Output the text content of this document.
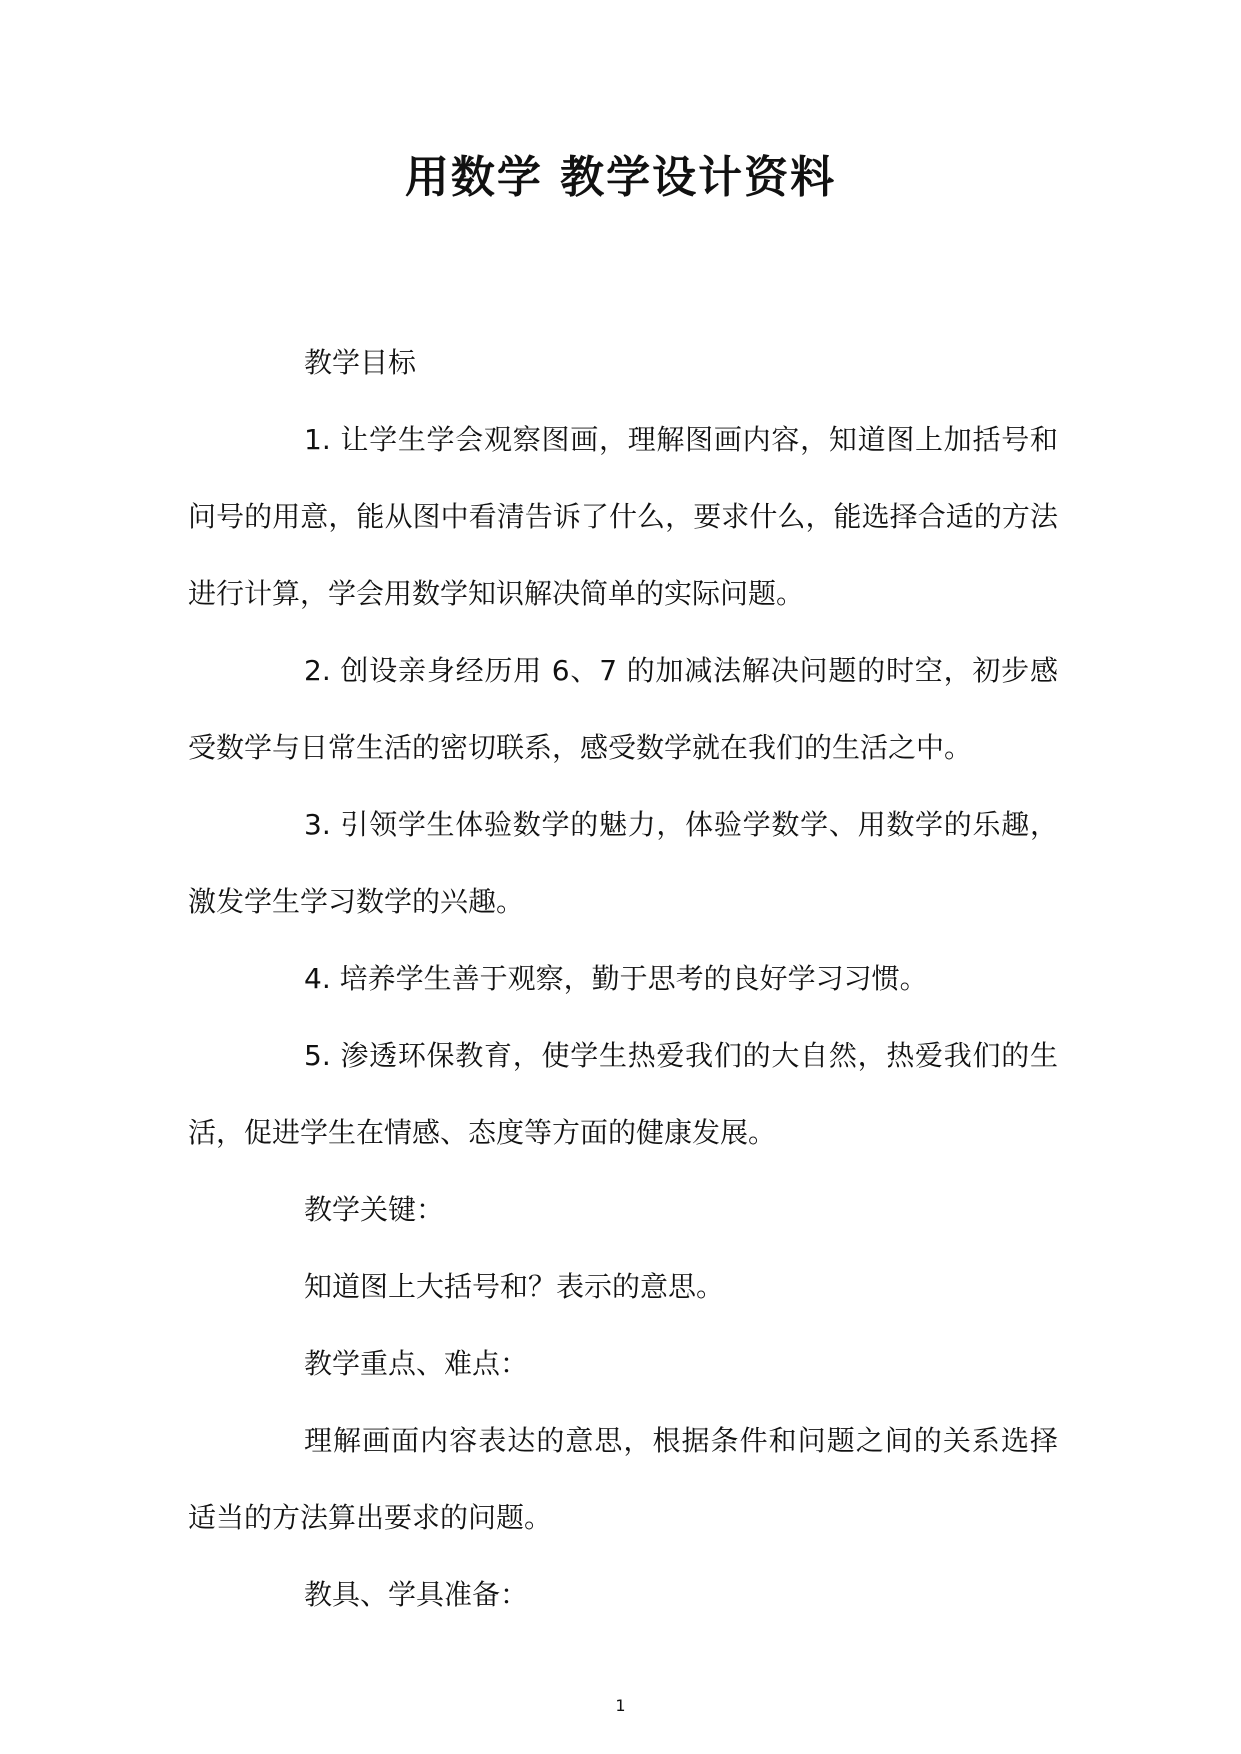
用数学 教学设计资料

教学目标

1. 让学生学会观察图画，理解图画内容，知道图上加括号和问号的用意，能从图中看清告诉了什么，要求什么，能选择合适的方法进行计算，学会用数学知识解决简单的实际问题。

2. 创设亲身经历用 6、7 的加减法解决问题的时空，初步感受数学与日常生活的密切联系，感受数学就在我们的生活之中。

3. 引领学生体验数学的魅力，体验学数学、用数学的乐趣，激发学生学习数学的兴趣。

4. 培养学生善于观察，勤于思考的良好学习习惯。

5. 渗透环保教育，使学生热爱我们的大自然，热爱我们的生活，促进学生在情感、态度等方面的健康发展。

教学关键：

知道图上大括号和？表示的意思。

教学重点、难点：

理解画面内容表达的意思，根据条件和问题之间的关系选择适当的方法算出要求的问题。

教具、学具准备：

1
